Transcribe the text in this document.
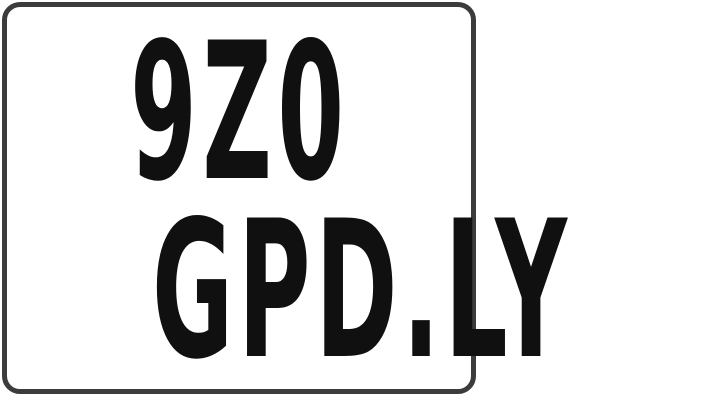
9Z0
GPD.LY
